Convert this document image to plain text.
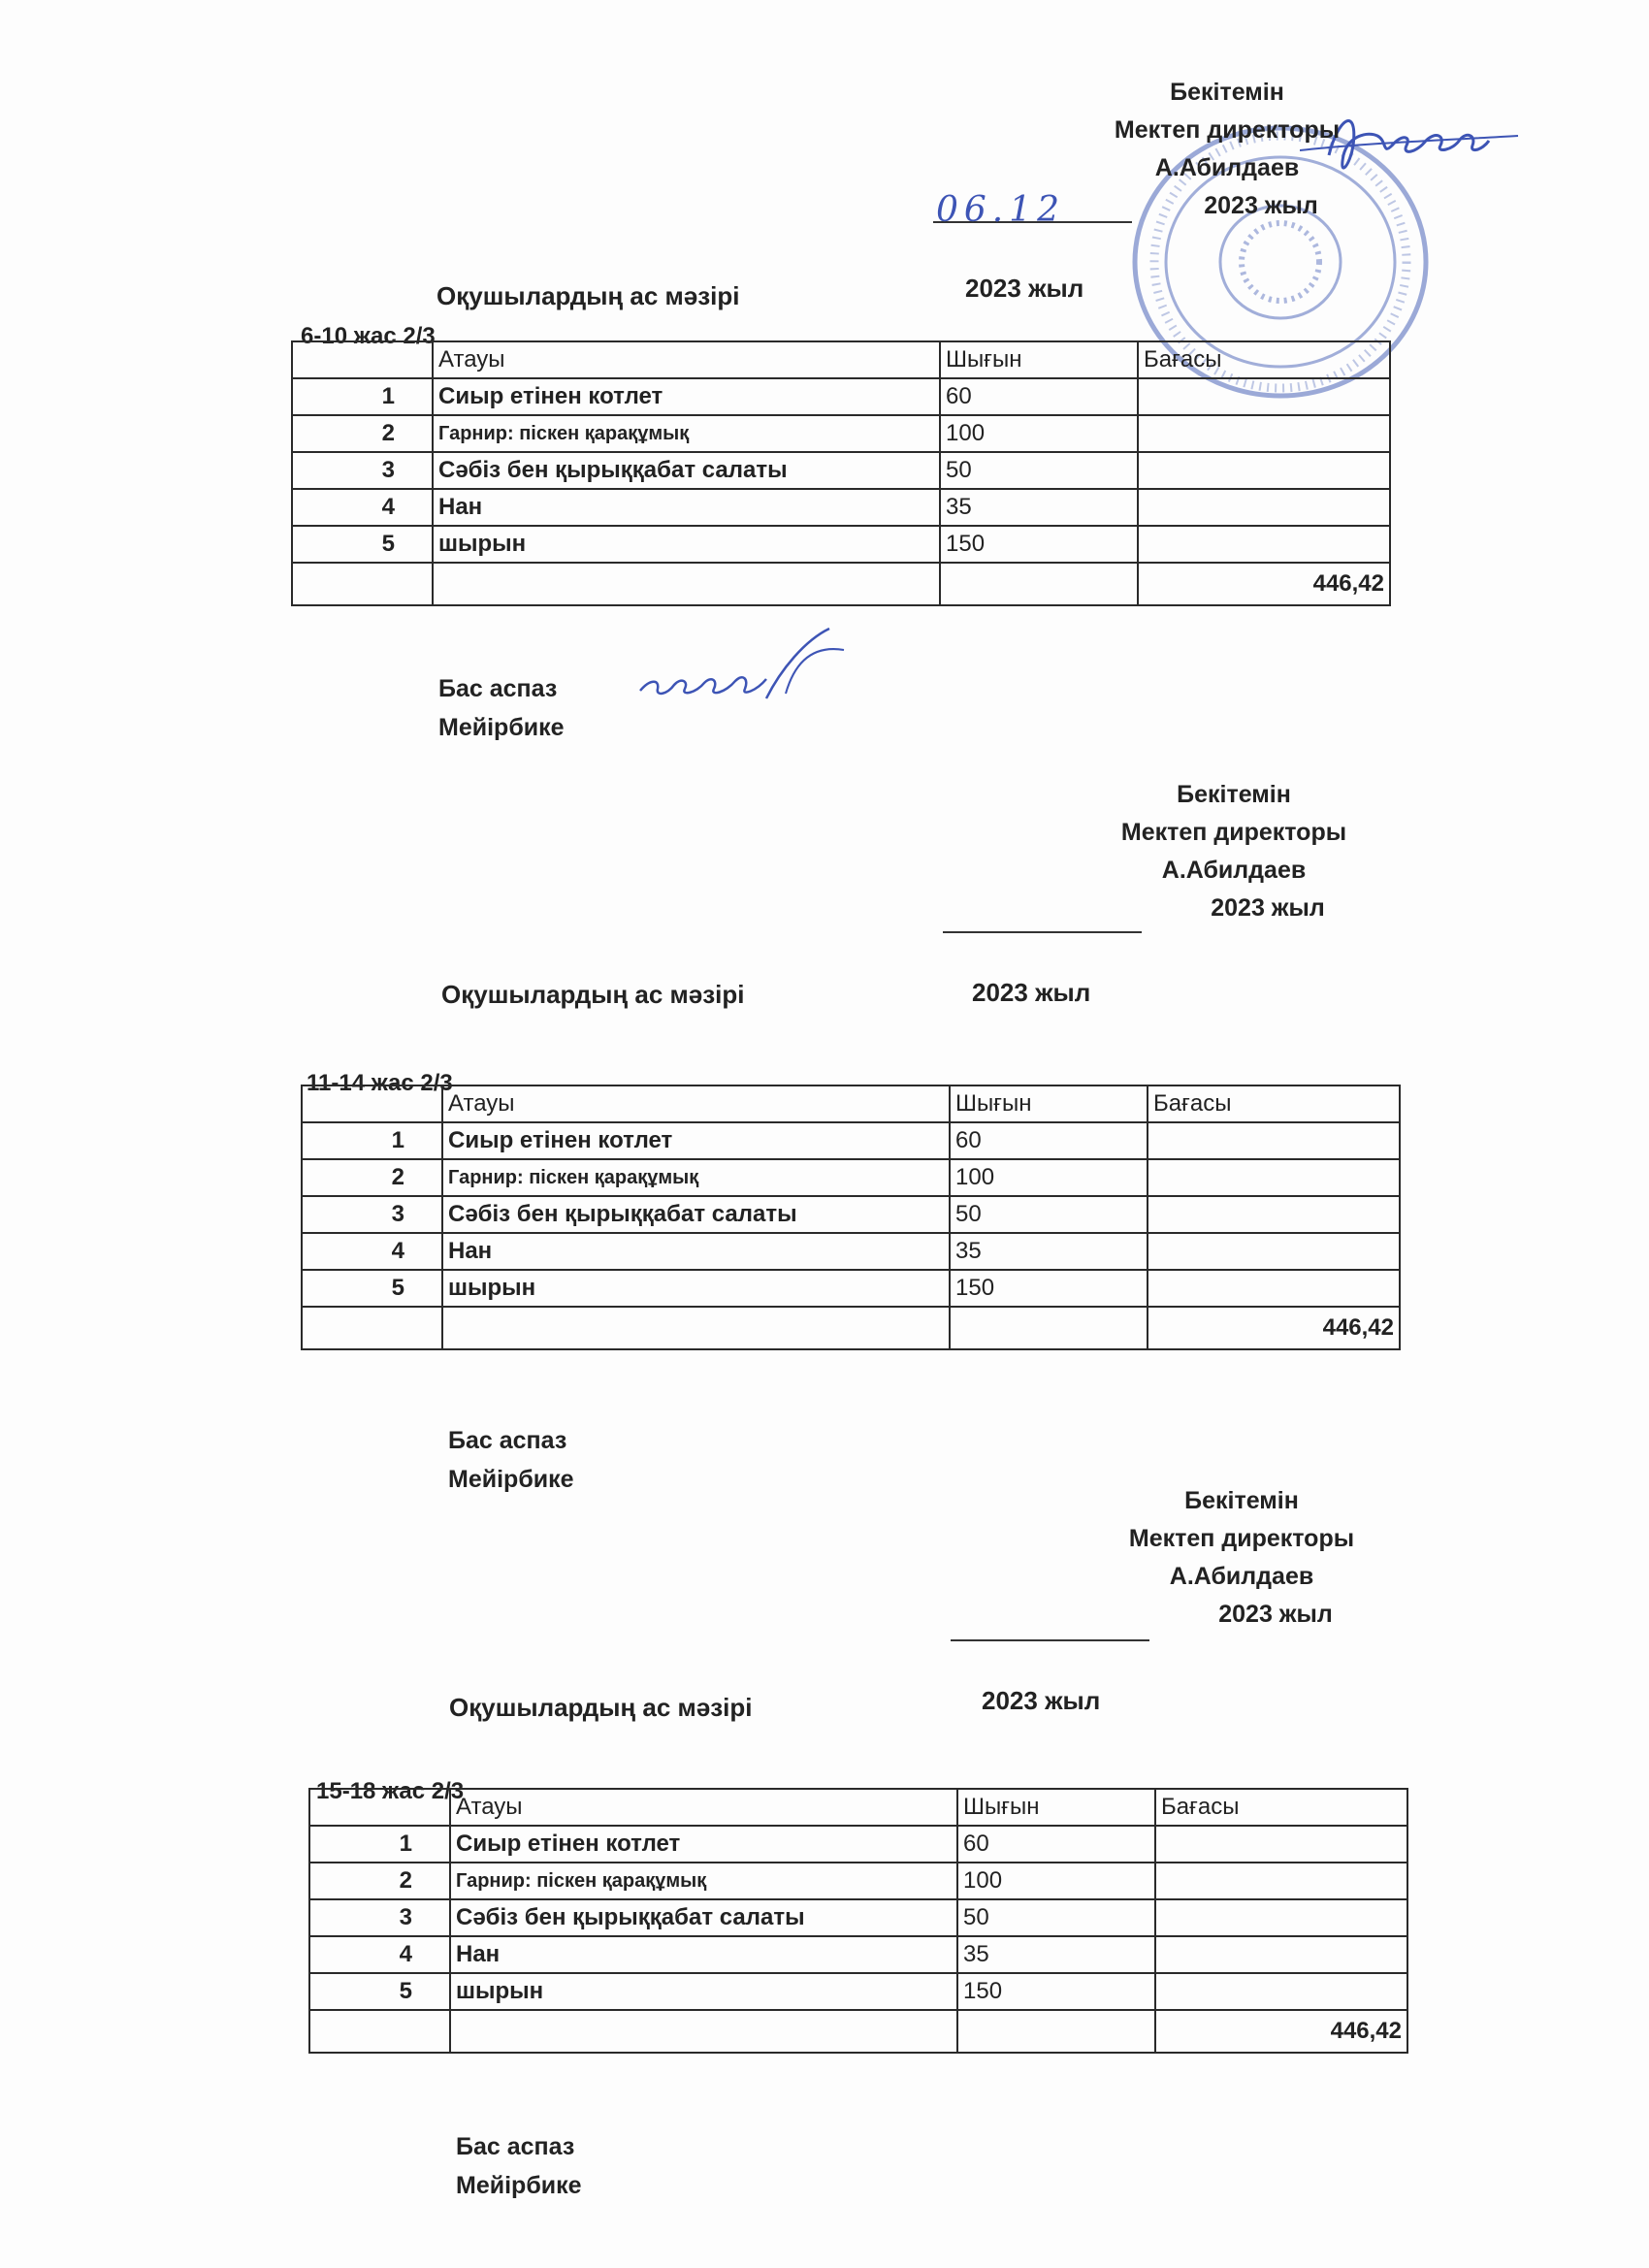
Бекітемін
Мектеп директоры
А.Абилдаев
2023 жыл
06.12
Оқушылардың ас мәзірі	2023 жыл
6-10 жас 2/3
	Атауы	Шығын	Бағасы
1	Сиыр етінен котлет	60	
2	Гарнир: піскен қарақұмық	100	
3	Сәбіз бен қырыққабат салаты	50	
4	Нан	35	
5	шырын	150	
			446,42
Бас аспаз
Мейірбике
Бекітемін
Мектеп директоры
А.Абилдаев
2023 жыл
Оқушылардың ас мәзірі	2023 жыл
11-14 жас 2/3
	Атауы	Шығын	Бағасы
1	Сиыр етінен котлет	60	
2	Гарнир: піскен қарақұмық	100	
3	Сәбіз бен қырыққабат салаты	50	
4	Нан	35	
5	шырын	150	
			446,42
Бас аспаз
Мейірбике
Бекітемін
Мектеп директоры
А.Абилдаев
2023 жыл
Оқушылардың ас мәзірі	2023 жыл
15-18 жас 2/3
	Атауы	Шығын	Бағасы
1	Сиыр етінен котлет	60	
2	Гарнир: піскен қарақұмық	100	
3	Сәбіз бен қырыққабат салаты	50	
4	Нан	35	
5	шырын	150	
			446,42
Бас аспаз
Мейірбике
